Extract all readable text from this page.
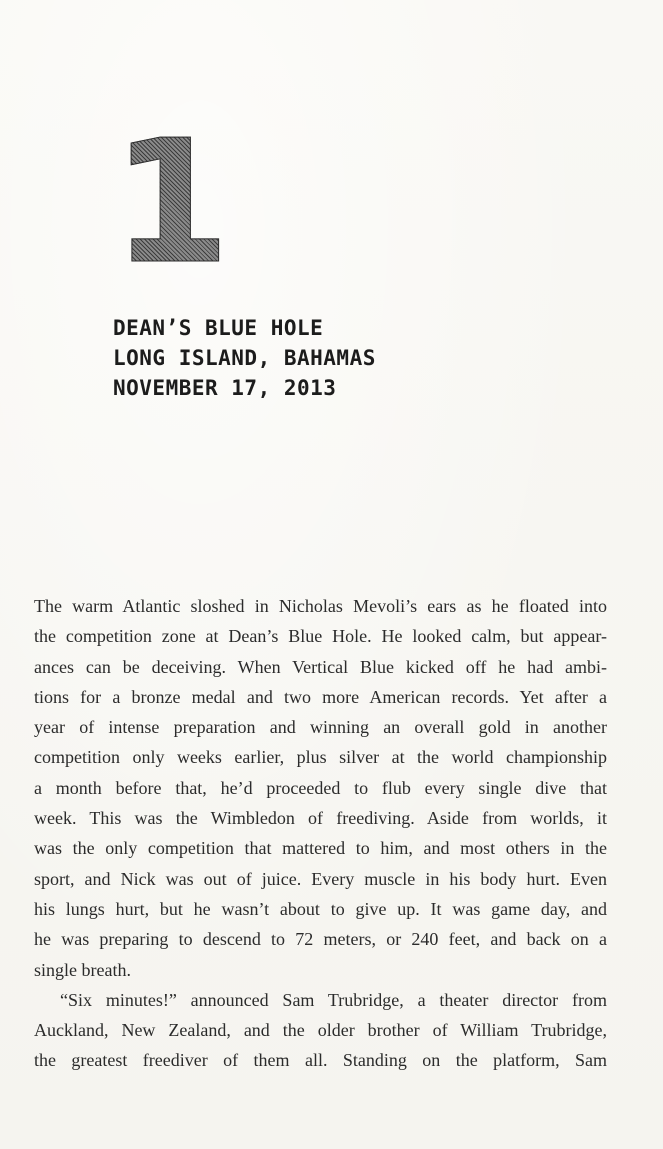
1
DEAN’S BLUE HOLE
LONG ISLAND, BAHAMAS
NOVEMBER 17, 2013

The warm Atlantic sloshed in Nicholas Mevoli’s ears as he floated into
the competition zone at Dean’s Blue Hole. He looked calm, but appear-
ances can be deceiving. When Vertical Blue kicked off he had ambi-
tions for a bronze medal and two more American records. Yet after a
year of intense preparation and winning an overall gold in another
competition only weeks earlier, plus silver at the world championship
a month before that, he’d proceeded to flub every single dive that
week. This was the Wimbledon of freediving. Aside from worlds, it
was the only competition that mattered to him, and most others in the
sport, and Nick was out of juice. Every muscle in his body hurt. Even
his lungs hurt, but he wasn’t about to give up. It was game day, and
he was preparing to descend to 72 meters, or 240 feet, and back on a
single breath.

“Six minutes!” announced Sam Trubridge, a theater director from
Auckland, New Zealand, and the older brother of William Trubridge,
the greatest freediver of them all. Standing on the platform, Sam
